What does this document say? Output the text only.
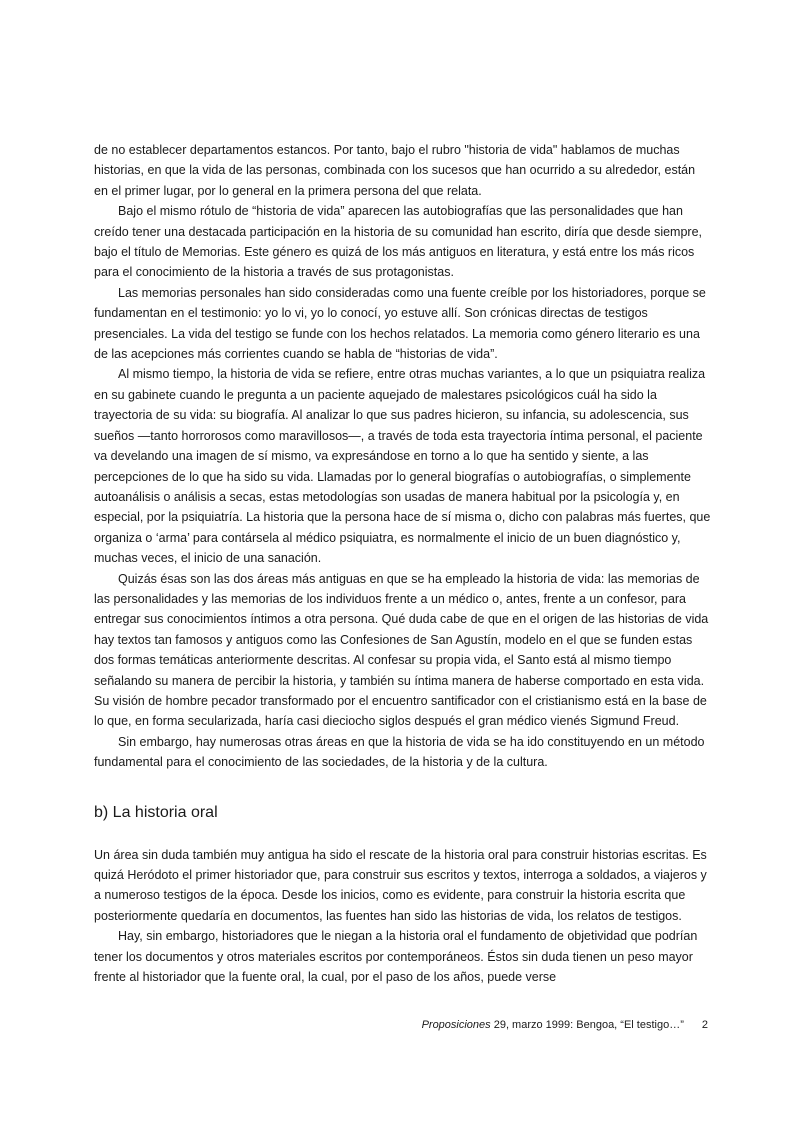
de no establecer departamentos estancos. Por tanto, bajo el rubro "historia de vida" hablamos de muchas historias, en que la vida de las personas, combinada con los sucesos que han ocurrido a su alrededor, están en el primer lugar, por lo general en la primera persona del que relata.

Bajo el mismo rótulo de “historia de vida” aparecen las autobiografías que las personalidades que han creído tener una destacada participación en la historia de su comunidad han escrito, diría que desde siempre, bajo el título de Memorias. Este género es quizá de los más antiguos en literatura, y está entre los más ricos para el conocimiento de la historia a través de sus protagonistas.

Las memorias personales han sido consideradas como una fuente creíble por los historiadores, porque se fundamentan en el testimonio: yo lo vi, yo lo conocí, yo estuve allí. Son crónicas directas de testigos presenciales. La vida del testigo se funde con los hechos relatados. La memoria como género literario es una de las acepciones más corrientes cuando se habla de “historias de vida”.

Al mismo tiempo, la historia de vida se refiere, entre otras muchas variantes, a lo que un psiquiatra realiza en su gabinete cuando le pregunta a un paciente aquejado de malestares psicológicos cuál ha sido la trayectoria de su vida: su biografía. Al analizar lo que sus padres hicieron, su infancia, su adolescencia, sus sueños —tanto horrorosos como maravillosos—, a través de toda esta trayectoria íntima personal, el paciente va develando una imagen de sí mismo, va expresándose en torno a lo que ha sentido y siente, a las percepciones de lo que ha sido su vida. Llamadas por lo general biografías o autobiografías, o simplemente autoanálisis o análisis a secas, estas metodologías son usadas de manera habitual por la psicología y, en especial, por la psiquiatría. La historia que la persona hace de sí misma o, dicho con palabras más fuertes, que organiza o ‘arma’ para contársela al médico psiquiatra, es normalmente el inicio de un buen diagnóstico y, muchas veces, el inicio de una sanación.

Quizás ésas son las dos áreas más antiguas en que se ha empleado la historia de vida: las memorias de las personalidades y las memorias de los individuos frente a un médico o, antes, frente a un confesor, para entregar sus conocimientos íntimos a otra persona. Qué duda cabe de que en el origen de las historias de vida hay textos tan famosos y antiguos como las Confesiones de San Agustín, modelo en el que se funden estas dos formas temáticas anteriormente descritas. Al confesar su propia vida, el Santo está al mismo tiempo señalando su manera de percibir la historia, y también su íntima manera de haberse comportado en esta vida. Su visión de hombre pecador transformado por el encuentro santificador con el cristianismo está en la base de lo que, en forma secularizada, haría casi dieciocho siglos después el gran médico vienés Sigmund Freud.

Sin embargo, hay numerosas otras áreas en que la historia de vida se ha ido constituyendo en un método fundamental para el conocimiento de las sociedades, de la historia y de la cultura.

b) La historia oral

Un área sin duda también muy antigua ha sido el rescate de la historia oral para construir historias escritas. Es quizá Heródoto el primer historiador que, para construir sus escritos y textos, interroga a soldados, a viajeros y a numeroso testigos de la época. Desde los inicios, como es evidente, para construir la historia escrita que posteriormente quedaría en documentos, las fuentes han sido las historias de vida, los relatos de testigos.

Hay, sin embargo, historiadores que le niegan a la historia oral el fundamento de objetividad que podrían tener los documentos y otros materiales escritos por contemporáneos. Éstos sin duda tienen un peso mayor frente al historiador que la fuente oral, la cual, por el paso de los años, puede verse

Proposiciones 29, marzo 1999: Bengoa, “El testigo…” 2
